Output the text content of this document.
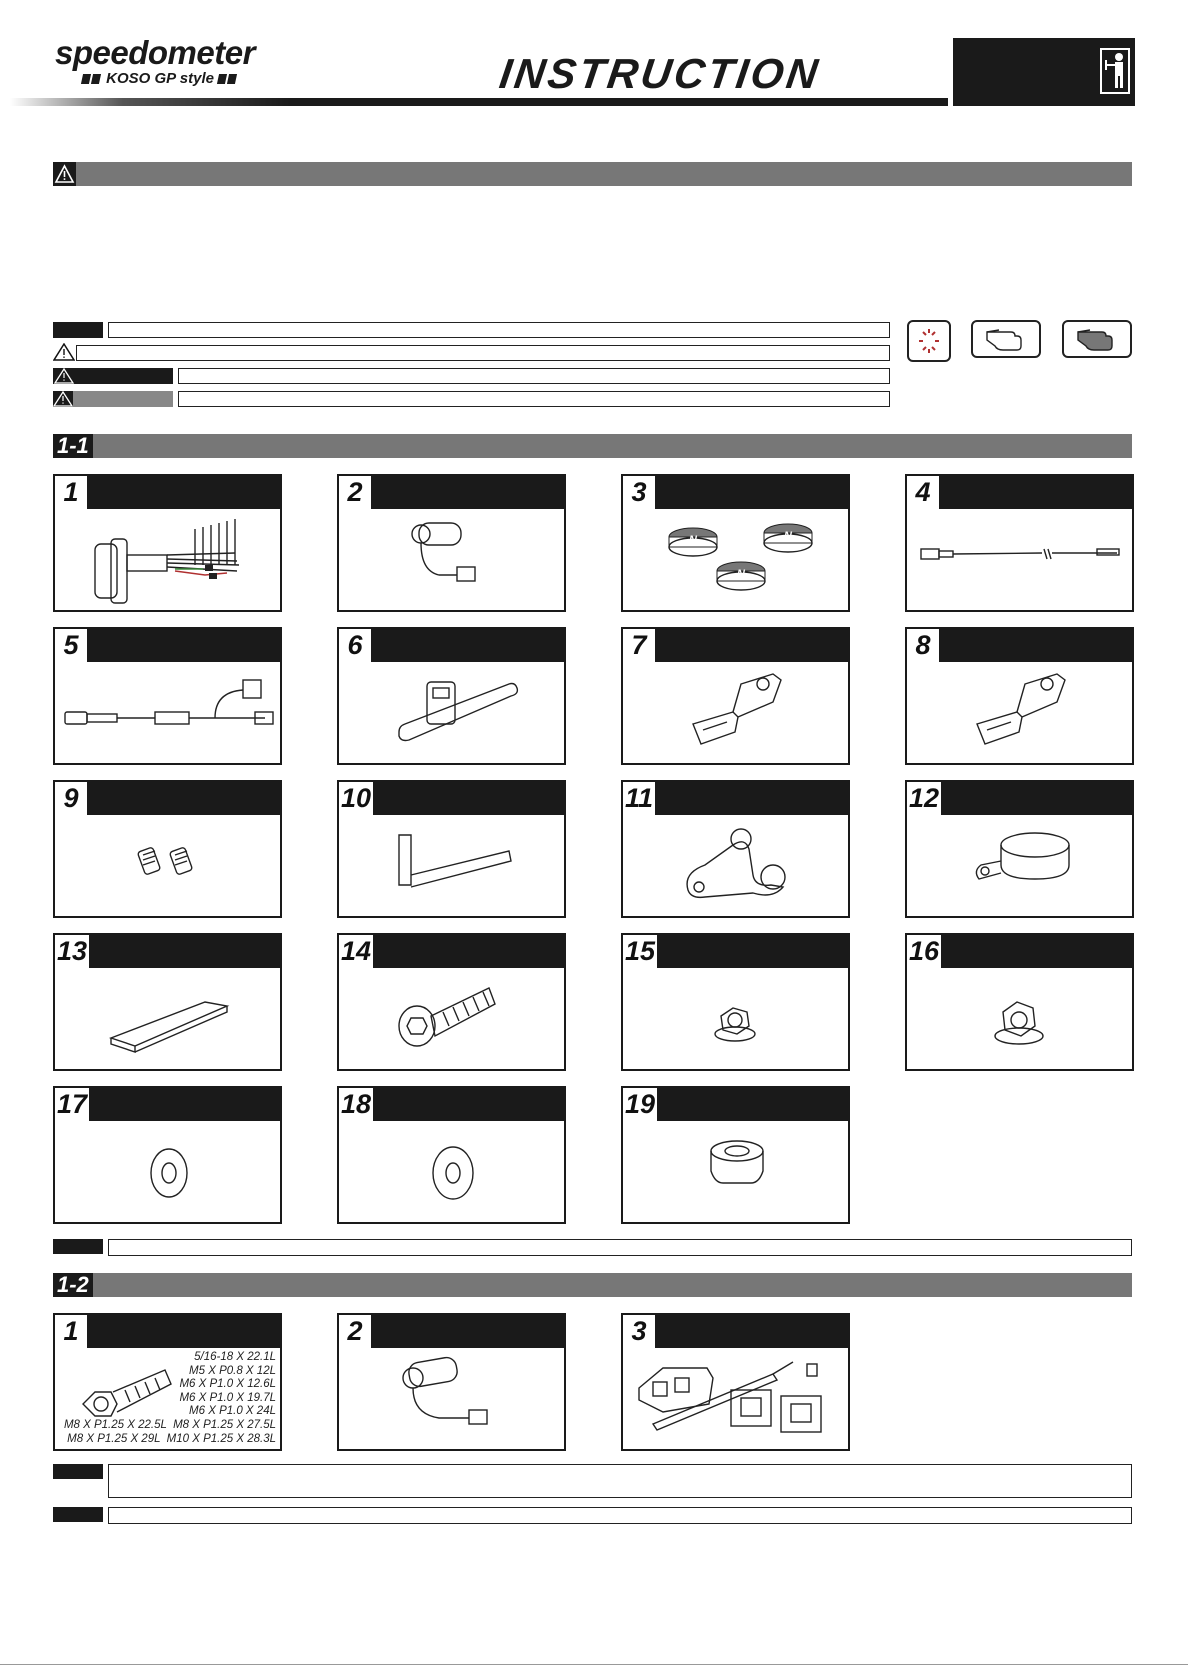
speedometer
KOSO GP style	INSTRUCTION
1-1
1	2	3
N	N
N
4
5	6	7	8
9	10	11	12
13	14	15	16
17	18	19
1-2
1
5/16-18 X 22.1L
M5 X P0.8 X 12L
M6 X P1.0 X 12.6L
M6 X P1.0 X 19.7L
M6 X P1.0 X 24L
M8 X P1.25 X 22.5L  M8 X P1.25 X 27.5L
M8 X P1.25 X 29L  M10 X P1.25 X 28.3L
2	3
